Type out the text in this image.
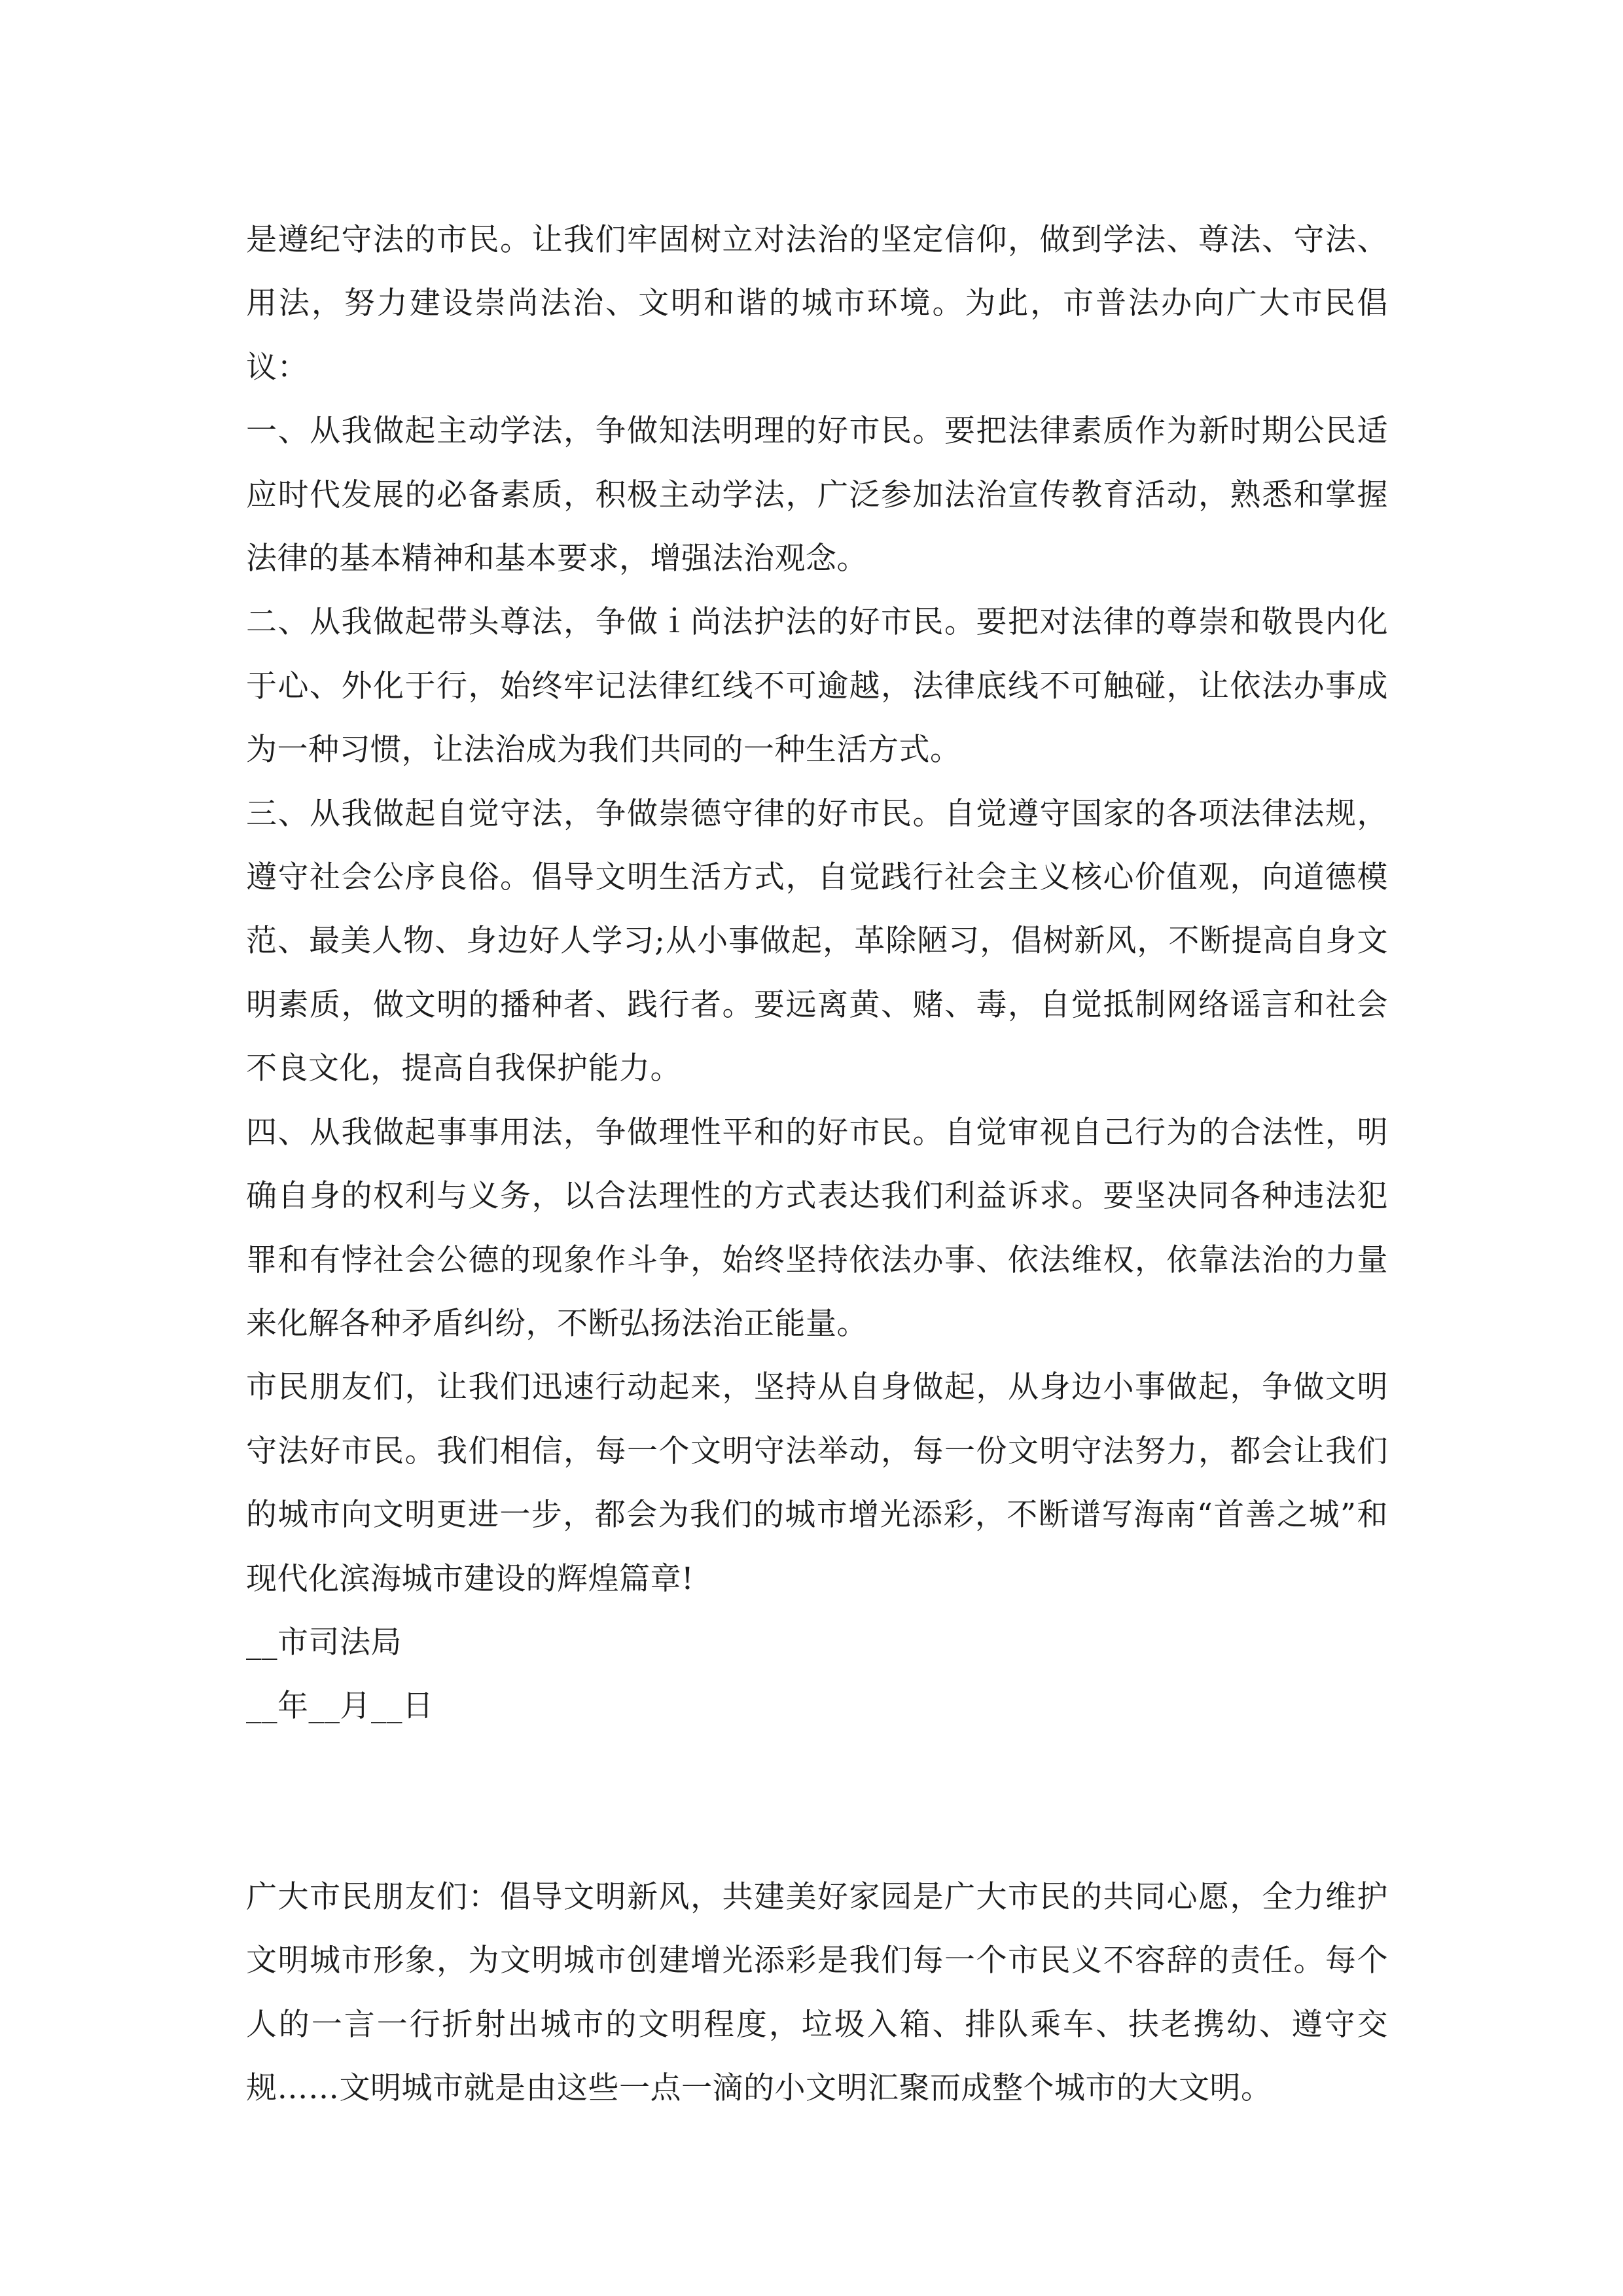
是遵纪守法的市民。让我们牢固树立对法治的坚定信仰，做到学法、尊法、守法、用法，努力建设崇尚法治、文明和谐的城市环境。为此，市普法办向广大市民倡议：

一、从我做起主动学法，争做知法明理的好市民。要把法律素质作为新时期公民适应时代发展的必备素质，积极主动学法，广泛参加法治宣传教育活动，熟悉和掌握法律的基本精神和基本要求，增强法治观念。

二、从我做起带头尊法，争做ｉ尚法护法的好市民。要把对法律的尊崇和敬畏内化于心、外化于行，始终牢记法律红线不可逾越，法律底线不可触碰，让依法办事成为一种习惯，让法治成为我们共同的一种生活方式。

三、从我做起自觉守法，争做崇德守律的好市民。自觉遵守国家的各项法律法规，遵守社会公序良俗。倡导文明生活方式，自觉践行社会主义核心价值观，向道德模范、最美人物、身边好人学习;从小事做起，革除陋习，倡树新风，不断提高自身文明素质，做文明的播种者、践行者。要远离黄、赌、毒，自觉抵制网络谣言和社会不良文化，提高自我保护能力。

四、从我做起事事用法，争做理性平和的好市民。自觉审视自己行为的合法性，明确自身的权利与义务，以合法理性的方式表达我们利益诉求。要坚决同各种违法犯罪和有悖社会公德的现象作斗争，始终坚持依法办事、依法维权，依靠法治的力量来化解各种矛盾纠纷，不断弘扬法治正能量。

市民朋友们，让我们迅速行动起来，坚持从自身做起，从身边小事做起，争做文明守法好市民。我们相信，每一个文明守法举动，每一份文明守法努力，都会让我们的城市向文明更进一步，都会为我们的城市增光添彩，不断谱写海南“首善之城”和现代化滨海城市建设的辉煌篇章!

__市司法局

__年__月__日

广大市民朋友们：倡导文明新风，共建美好家园是广大市民的共同心愿，全力维护文明城市形象，为文明城市创建增光添彩是我们每一个市民义不容辞的责任。每个人的一言一行折射出城市的文明程度，垃圾入箱、排队乘车、扶老携幼、遵守交规……文明城市就是由这些一点一滴的小文明汇聚而成整个城市的大文明。
